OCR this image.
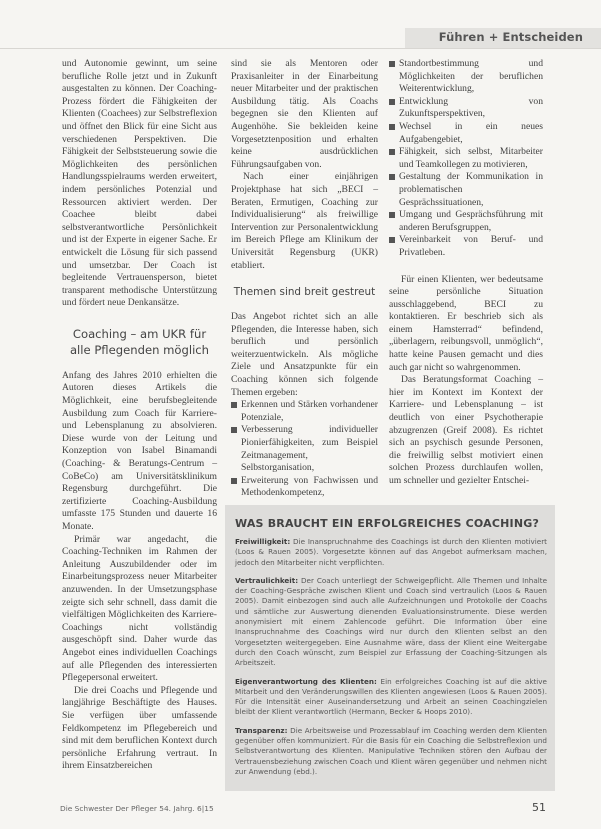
Führen + Entscheiden

und Autonomie gewinnt, um seine berufliche Rolle jetzt und in Zukunft ausgestalten zu können. Der Coaching-Prozess fördert die Fähigkeiten der Klienten (Coachees) zur Selbstreflexion und öffnet den Blick für eine Sicht aus verschiedenen Perspektiven. Die Fähigkeit der Selbststeuerung sowie die Möglichkeiten des persönlichen Handlungsspielraums werden erweitert, indem persönliches Potenzial und Ressourcen aktiviert werden. Der Coachee bleibt dabei selbstverantwortliche Persönlichkeit und ist der Experte in eigener Sache. Er entwickelt die Lösung für sich passend und umsetzbar. Der Coach ist begleitende Vertrauensperson, bietet transparent methodische Unterstützung und fördert neue Denkansätze.

Coaching – am UKR für alle Pflegenden möglich

Anfang des Jahres 2010 erhielten die Autoren dieses Artikels die Möglichkeit, eine berufsbegleitende Ausbildung zum Coach für Karriere- und Lebensplanung zu absolvieren. Diese wurde von der Leitung und Konzeption von Isabel Binamandi (Coaching- & Beratungs-Centrum – CoBeCo) am Universitätsklinikum Regensburg durchgeführt. Die zertifizierte Coaching-Ausbildung umfasste 175 Stunden und dauerte 16 Monate.

Primär war angedacht, die Coaching-Techniken im Rahmen der Anleitung Auszubildender oder im Einarbeitungsprozess neuer Mitarbeiter anzuwenden. In der Umsetzungsphase zeigte sich sehr schnell, dass damit die vielfältigen Möglichkeiten des Karriere-Coachings nicht vollständig ausgeschöpft sind. Daher wurde das Angebot eines individuellen Coachings auf alle Pflegenden des interessierten Pflegepersonal erweitert.

Die drei Coachs und Pflegende und langjährige Beschäftigte des Hauses. Sie verfügen über umfassende Feldkompetenz im Pflegebereich und sind mit dem beruflichen Kontext durch persönliche Erfahrung vertraut. In ihrem Einsatzbereichen

sind sie als Mentoren oder Praxisanleiter in der Einarbeitung neuer Mitarbeiter und der praktischen Ausbildung tätig. Als Coachs begegnen sie den Klienten auf Augenhöhe. Sie bekleiden keine Vorgesetztenposition und erhalten keine ausdrücklichen Führungsaufgaben von.

Nach einer einjährigen Projektphase hat sich „BECI – Beraten, Ermutigen, Coaching zur Individualisierung“ als freiwillige Intervention zur Personalentwicklung im Bereich Pflege am Klinikum der Universität Regensburg (UKR) etabliert.

Themen sind breit gestreut

Das Angebot richtet sich an alle Pflegenden, die Interesse haben, sich beruflich und persönlich weiterzuentwickeln. Als mögliche Ziele und Ansatzpunkte für ein Coaching können sich folgende Themen ergeben:

Erkennen und Stärken vorhandener Potenziale,
Verbesserung individueller Pionierfähigkeiten, zum Beispiel Zeitmanagement, Selbstorganisation,
Erweiterung von Fachwissen und Methodenkompetenz,
Standortbestimmung und Möglichkeiten der beruflichen Weiterentwicklung,
Entwicklung von Zukunftsperspektiven,
Wechsel in ein neues Aufgabengebiet,
Fähigkeit, sich selbst, Mitarbeiter und Teamkollegen zu motivieren,
Gestaltung der Kommunikation in problematischen Gesprächssituationen,
Umgang und Gesprächsführung mit anderen Berufsgruppen,
Vereinbarkeit von Beruf- und Privatleben.

Für einen Klienten, wer bedeutsame seine persönliche Situation ausschlaggebend, BECI zu kontaktieren. Er beschrieb sich als einem Hamsterrad“ befindend, „überlagern, reibungsvoll, unmöglich“, hatte keine Pausen gemacht und dies auch gar nicht so wahrgenommen.

Das Beratungsformat Coaching – hier im Kontext im Kontext der Karriere- und Lebensplanung – ist deutlich von einer Psychotherapie abzugrenzen (Greif 2008). Es richtet sich an psychisch gesunde Personen, die freiwillig selbst motiviert einen solchen Prozess durchlaufen wollen, um schneller und gezielter Entschei-

WAS BRAUCHT EIN ERFOLGREICHES COACHING?

Freiwilligkeit: Die Inanspruchnahme des Coachings ist durch den Klienten motiviert (Loos & Rauen 2005). Vorgesetzte können auf das Angebot aufmerksam machen, jedoch den Mitarbeiter nicht verpflichten.

Vertraulichkeit: Der Coach unterliegt der Schweigepflicht. Alle Themen und Inhalte der Coaching-Gespräche zwischen Klient und Coach sind vertraulich (Loos & Rauen 2005). Damit einbezogen sind auch alle Aufzeichnungen und Protokolle der Coachs und sämtliche zur Auswertung dienenden Evaluationsinstrumente. Diese werden anonymisiert mit einem Zahlencode geführt. Die Information über eine Inanspruchnahme des Coachings wird nur durch den Klienten selbst an den Vorgesetzten weitergegeben. Eine Ausnahme wäre, dass der Klient eine Weitergabe durch den Coach wünscht, zum Beispiel zur Erfassung der Coaching-Sitzungen als Arbeitszeit.

Eigenverantwortung des Klienten: Ein erfolgreiches Coaching ist auf die aktive Mitarbeit und den Veränderungswillen des Klienten angewiesen (Loos & Rauen 2005). Für die Intensität einer Auseinandersetzung und Arbeit an seinen Coachingzielen bleibt der Klient verantwortlich (Hermann, Becker & Hoops 2010).

Transparenz: Die Arbeitsweise und Prozessablauf im Coaching werden dem Klienten gegenüber offen kommuniziert. Für die Basis für ein Coaching die Selbstreflexion und Selbstverantwortung des Klienten. Manipulative Techniken stören den Aufbau der Vertrauensbeziehung zwischen Coach und Klient wären gegenüber und nehmen nicht zur Anwendung (ebd.).

Die Schwester Der Pfleger 54. Jahrg. 6|15	51
